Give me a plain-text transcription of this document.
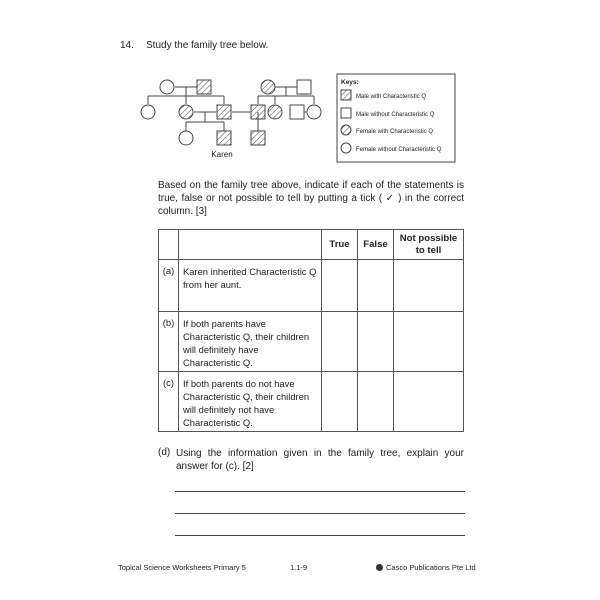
14. Study the family tree below.
Karen
Keys:
Male with Characteristic Q
Male without Characteristic Q
Female with Characteristic Q
Female without Characteristic Q
Based on the family tree above, indicate if each of the statements is true, false or not possible to tell by putting a tick ( ✓ ) in the correct column. [3]
		True	False	Not possible to tell
(a)	Karen inherited Characteristic Q from her aunt.			
(b)	If both parents have Characteristic Q, their children will definitely have Characteristic Q.			
(c)	If both parents do not have Characteristic Q, their children will definitely not have Characteristic Q.			
(d) Using the information given in the family tree, explain your answer for (c). [2]
Topical Science Worksheets Primary 5	1.1-9	Casco Publications Pte Ltd
